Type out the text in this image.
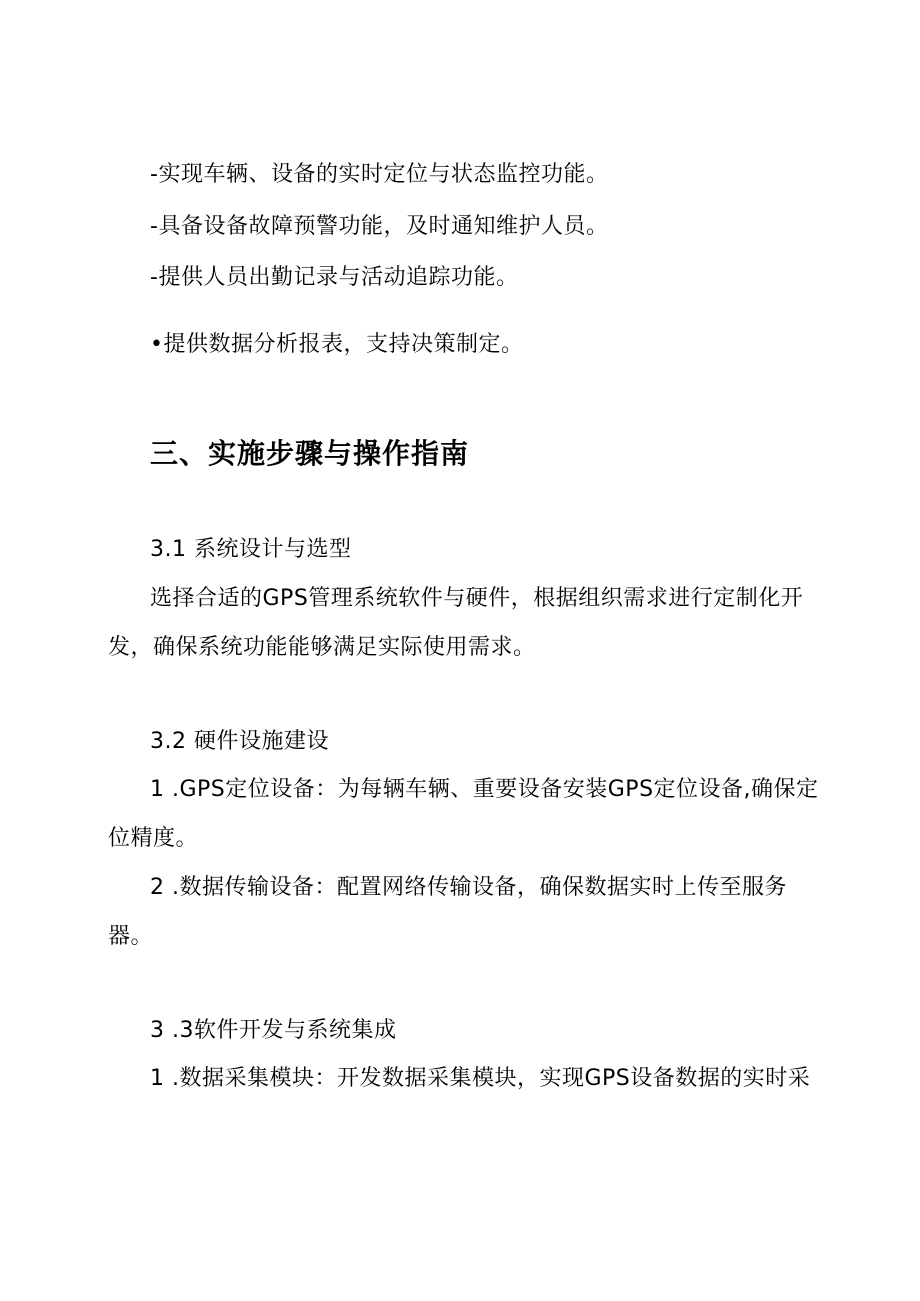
-实现车辆、设备的实时定位与状态监控功能。
-具备设备故障预警功能，及时通知维护人员。
-提供人员出勤记录与活动追踪功能。
•提供数据分析报表，支持决策制定。
三、实施步骤与操作指南
3.1 系统设计与选型
选择合适的GPS管理系统软件与硬件，根据组织需求进行定制化开
发，确保系统功能能够满足实际使用需求。
3.2 硬件设施建设
1 .GPS定位设备：为每辆车辆、重要设备安装GPS定位设备,确保定
位精度。
2 .数据传输设备：配置网络传输设备，确保数据实时上传至服务
器。
3 .3软件开发与系统集成
1 .数据采集模块：开发数据采集模块，实现GPS设备数据的实时采
